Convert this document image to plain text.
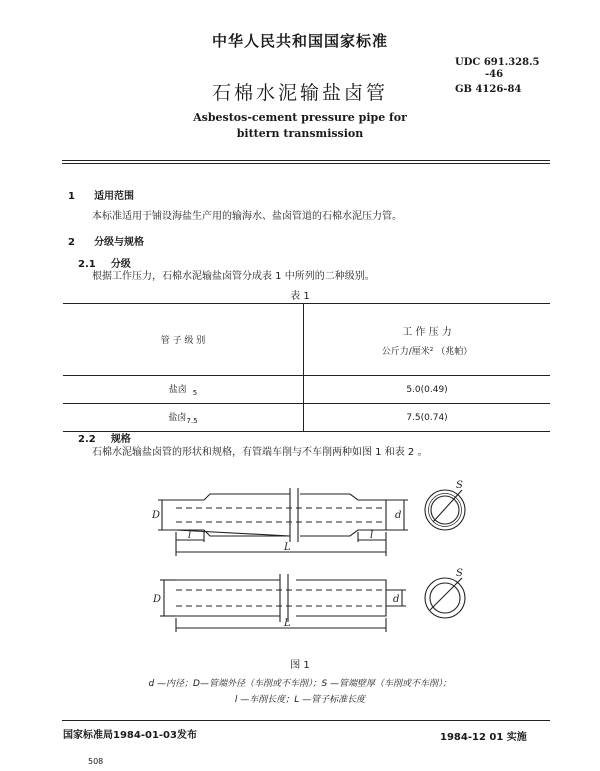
中华人民共和国国家标准
UDC 691.328.5
-46
GB 4126-84
石棉水泥输盐卤管
Asbestos-cement pressure pipe for
bittern transmission
1 适用范围
本标准适用于铺设海盐生产用的输海水、盐卤管道的石棉水泥压力管。
2 分级与规格
2.1 分级
根据工作压力，石棉水泥输盐卤管分成表 1 中所列的二种级别。
表 1
管 子 级 别	工 作 压 力
公斤力/厘米² （兆帕）

盐卤 $_5$	5.0(0.49)
盐卤$_{7.5}$	7.5(0.74)
2.2 规格
石棉水泥输盐卤管的形状和规格，有管端车削与不车削两种如图 1 和表 2 。
D	d
l	l
L
S
D	d
L
S
图 1
d —内径；D—管端外径（车削或不车削）；S —管端壁厚（车削或不车削）；
l —车削长度；L —管子标准长度
国家标准局1984-01-03发布	1984-12 01 实施
508
